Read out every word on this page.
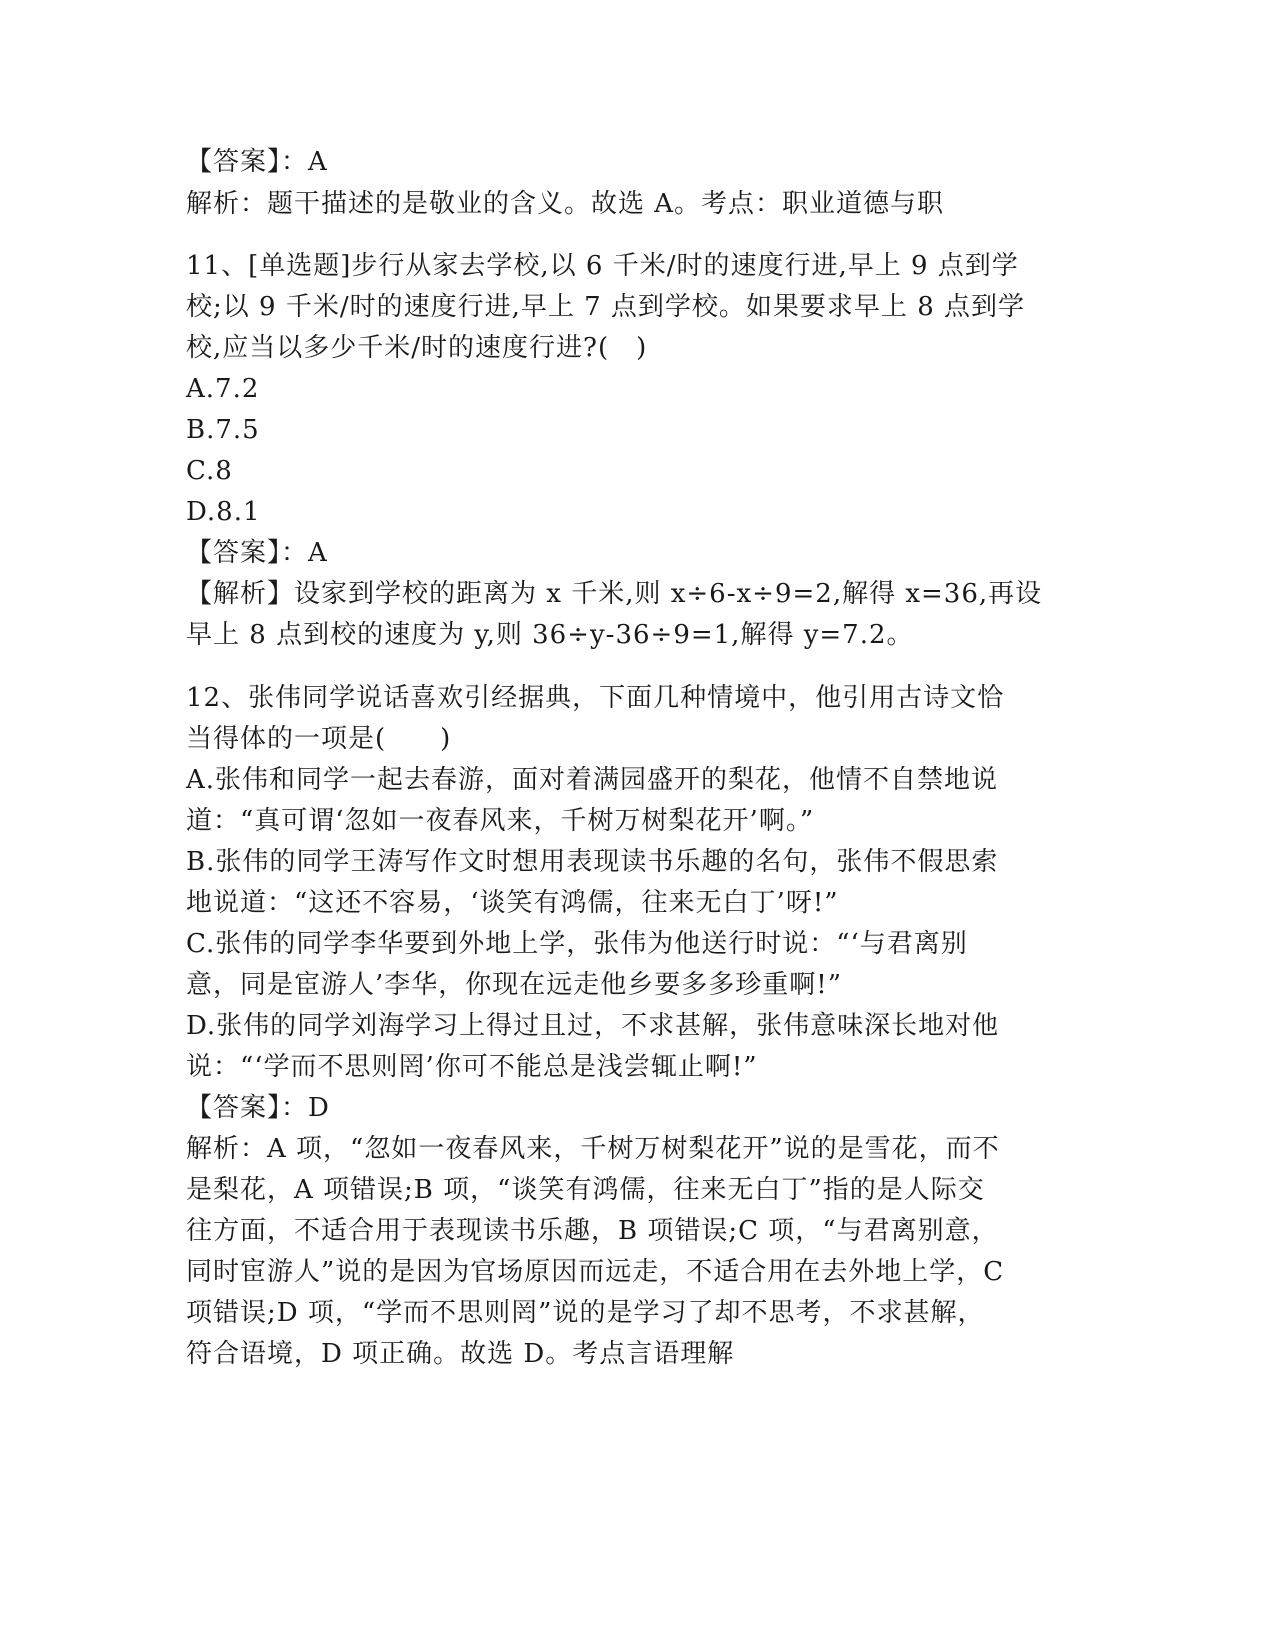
【答案】：A
解析：题干描述的是敬业的含义。故选 A。考点：职业道德与职
11、[单选题]步行从家去学校,以 6 千米/时的速度行进,早上 9 点到学
校;以 9 千米/时的速度行进,早上 7 点到学校。如果要求早上 8 点到学
校,应当以多少千米/时的速度行进?(　)
A.7.2
B.7.5
C.8
D.8.1
【答案】：A
【解析】设家到学校的距离为 x 千米,则 x÷6-x÷9=2,解得 x=36,再设
早上 8 点到校的速度为 y,则 36÷y-36÷9=1,解得 y=7.2。
12、张伟同学说话喜欢引经据典，下面几种情境中，他引用古诗文恰
当得体的一项是(　　)
A.张伟和同学一起去春游，面对着满园盛开的梨花，他情不自禁地说
道：“真可谓‘忽如一夜春风来，千树万树梨花开’啊。”
B.张伟的同学王涛写作文时想用表现读书乐趣的名句，张伟不假思索
地说道：“这还不容易，‘谈笑有鸿儒，往来无白丁’呀!”
C.张伟的同学李华要到外地上学，张伟为他送行时说：“‘与君离别
意，同是宦游人’李华，你现在远走他乡要多多珍重啊!”
D.张伟的同学刘海学习上得过且过，不求甚解，张伟意味深长地对他
说：“‘学而不思则罔’你可不能总是浅尝辄止啊!”
【答案】：D
解析：A 项，“忽如一夜春风来，千树万树梨花开”说的是雪花，而不
是梨花，A 项错误;B 项，“谈笑有鸿儒，往来无白丁”指的是人际交
往方面，不适合用于表现读书乐趣，B 项错误;C 项，“与君离别意，
同时宦游人”说的是因为官场原因而远走，不适合用在去外地上学，C
项错误;D 项，“学而不思则罔”说的是学习了却不思考，不求甚解，
符合语境，D 项正确。故选 D。考点言语理解
